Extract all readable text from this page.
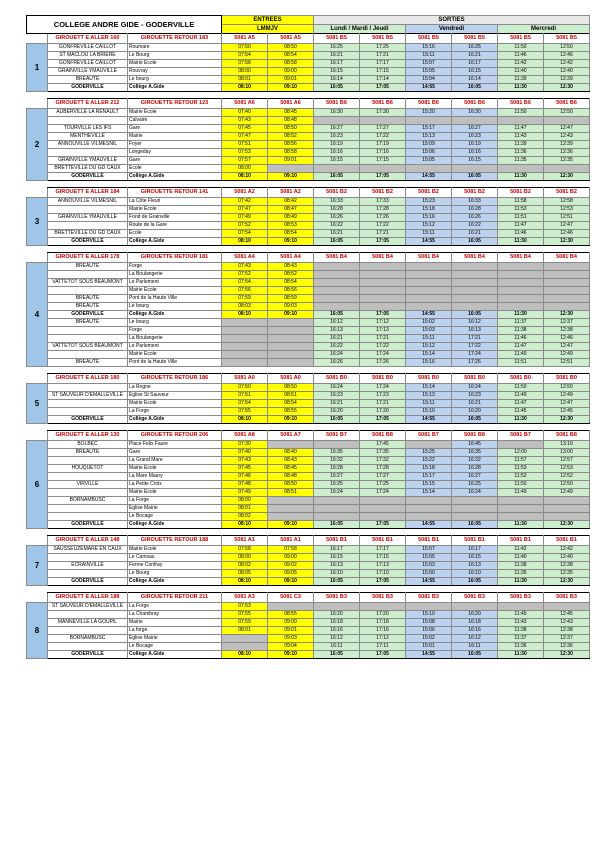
COLLEGE ANDRE GIDE - GODERVILLE	ENTREES	SORTIES		
	LMMJV	Lundi / Mardi / Jeudi	Vendredi	Mercredi
	GIROUETT E ALLER 160	GIROUETTE RETOUR 183	5081 A5	5081 A5	5081 B5	5081 B5	5081 B5	5081 B5	5081 B5	5081 B5
1	GONFREVILLE CAILLOT	Roumare	07:50	08:50	16:25	17:25	15:16	16:25	11:50	12:50
	ST MACLOU LA BRIERE	Le Bourg	07:54	08:54	16:21	17:21	15:11	16:21	11:46	12:46
	GONFREVILLE CAILLOT	Mairie Ecole	07:58	08:58	16:17	17:17	15:07	16:17	11:42	12:42
	GRAINVILLE YMAUVILLE	Rouvray	08:00	09:00	16:15	17:15	15:05	16:15	11:40	12:40
	BREAUTE	Le bourg	08:01	09:01	16:14	17:14	15:04	16:14	11:39	12:39
	GODERVILLE	Collège A.Gide	08:10	09:10	16:05	17:05	14:55	16:05	11:30	12:30

	GIROUETT E ALLER 212	GIROUETTE RETOUR 123	5081 A6	5081 A6	5081 B6	5081 B6	5081 B6	5081 B6	5081 B6	5081 B6
2	AUBERVILLE LA RENAULT	Mairie Ecole	07:40	08:45	16:30	17:30	15:20	16:30	11:50	12:50
		Calvaire	07:43	08:48						
	TOURVILLE LES IFS	Gare	07:45	08:50	16:27	17:27	15:17	16:27	11:47	12:47
	MENTHEVILLE	Mairie	07:47	08:52	16:23	17:22	15:13	16:23	11:43	12:43
	ANNOUVILLE VILMESNIL	Foyer	07:51	08:56	16:19	17:19	15:09	16:19	11:39	12:39
		Longeday	07:53	08:58	16:16	17:16	15:06	16:16	11:36	12:36
	GRAINVILLE YMAUVILLE	Gare	07:57	09:01	16:15	17:15	15:05	16:15	11:35	12:35
	BRETTEVILLE DU GD CAUX	Ecole	08:00							
	GODERVILLE	Collège A.Gide	08:10	09:10	16:05	17:05	14:55	16:05	11:30	12:30

	GIROUETT E ALLER 184	GIROUETTE RETOUR 141	5081 A2	5081 A2	5081 B2	5081 B2	5081 B2	5081 B2	5081 B2	5081 B2
3	ANNOUVILLE VILMESNIL	La Côte Fleuri	07:42	08:42	16:33	17:33	15:23	16:33	11:58	12:58
		Mairie Ecole	07:47	08:47	16:28	17:28	15:18	16:28	11:53	12:53
	GRAINVILLE YMAUVILLE	Fond de Grainville	07:49	08:49	16:26	17:26	15:16	16:26	11:51	12:51
		Route de la Gare	07:52	08:53	16:22	17:22	15:12	16:22	11:47	12:47
	BRETTEVILLE DU GD CAUX	Ecole	07:54	08:54	16:21	17:21	15:11	16:21	11:46	12:46
	GODERVILLE	Collège A.Gide	08:10	09:10	16:05	17:05	14:55	16:05	11:30	12:30

	GIROUETT E ALLER 178	GIROUETTE RETOUR 181	5081 A4	5081 A4	5081 B4	5081 B4	5081 B4	5081 B4	5081 B4	5081 B4
4	BREAUTE	Forge	07:43	08:43						
		La Boulangerie	07:52	08:52						
	VATTETOT SOUS BEAUMONT	Le Parlement	07:54	08:54						
		Mairie Ecole	07:56	08:56						
	BREAUTE	Pont de la Haute Ville	07:59	08:59						
	BREAUTE	Le bourg	08:03	09:03						
	GODERVILLE	Collège A.Gide	08:10	09:10	16:05	17:05	14:55	16:05	11:30	12:30
	BREAUTE	Le bourg			16:12	17:12	15:02	16:12	11:37	12:37
		Forge			16:13	17:13	15:03	16:13	11:38	12:38
		La Boulangerie			16:21	17:21	15:11	17:21	11:46	12:46
	VATTETOT SOUS BEAUMONT	Le Parlement			16:22	17:22	15:12	17:22	11:47	12:47
		Mairie Ecole			16:24	17:24	15:14	17:24	11:49	12:49
	BREAUTE	Pont de la Haute Ville			16:26	17:26	15:16	17:26	11:51	12:51

	GIROUETT E ALLER 180	GIROUETTE RETOUR 186	5081 A0	5081 A0	5081 B0	5081 B0	5081 B0	5081 B0	5081 B0	5081 B0
5		La Rogne	07:50	08:50	16:24	17:24	15:14	16:24	11:50	12:50
	ST SAUVEUR D'EMALLEVILLE	Eglise St Sauveur	07:51	08:51	16:23	17:23	15:13	16:23	11:49	12:49
		Mairie Ecole	07:54	08:54	16:21	17:21	15:11	16:21	11:47	12:47
		La Forge	07:55	08:55	16:20	17:20	15:10	16:20	11:45	12:45
	GODERVILLE	Collège A.Gide	08:10	09:10	16:05	17:05	14:55	16:05	11:30	12:30

	GIROUETT E ALLER 130	GIROUETTE RETOUR 206	5081 A8	5081 A7	5081 B7	5081 B8	5081 B7	5081 B8	5081 B7	5081 B8
6	BOLBEC	Place Felix Faure	07:30			17:45		16:45		13:10
	BREAUTE	Gare	07:40	08:40	16:35	17:35	15:25	16:35	12:00	13:00
		La Grand Mare	07:43	08:43	16:32	17:32	15:22	16:32	11:57	12:57
	HOUQUETOT	Mairie Ecole	07:45	08:45	16:28	17:28	15:18	16:28	11:53	12:53
		La Mare Maury	07:46	08:48	16:27	17:27	15:17	16:27	11:52	12:52
	VIRVILLE	La Petite Croix	07:48	08:50	16:25	17:25	15:15	16:25	11:50	12:50
		Mairie Ecole	07:49	08:51	16:24	17:24	15:14	16:24	11:49	12:49
	BORNAMBUSC	La Forge	08:00							
		Eglise Mairie	08:01							
		Le Bocage	08:02							
	GODERVILLE	Collège A.Gide	08:10	09:10	16:05	17:05	14:55	16:05	11:30	12:30

	GIROUETT E ALLER 148	GIROUETTE RETOUR 188	5081 A1	5081 A1	5081 B1	5081 B1	5081 B1	5081 B1	5081 B1	5081 B1
7	SAUSSEUZEMARE EN CAUX	Mairie Ecole	07:58	07:58	16:17	17:17	15:07	16:17	11:42	12:42
		Le Camsau	08:00	09:00	16:15	17:15	15:05	16:15	11:40	12:40
	ECRAINVILLE	Ferme Confray	08:02	09:02	16:13	17:13	15:03	16:13	11:38	12:38
		Le Bourg	08:05	09:05	16:10	17:10	15:00	16:10	11:35	12:35
	GODERVILLE	Collège A.Gide	08:10	09:10	16:05	17:05	14:55	16:05	11:30	12:30

	GIROUETT E ALLER 188	GIROUETTE RETOUR 211	5081 A3	5081 C3	5081 B3	5081 B3	5081 B3	5081 B3	5081 B3	5081 B3
8	ST SAUVEUR D'EMALLEVILLE	La Forge	07:53							
		La Chambray	07:55	08:55	16:20	17:20	15:10	16:20	11:45	12:45
	MANNEVILLE LA GOUPIL	Mairie	07:59	09:00	16:18	17:18	15:08	16:18	11:43	12:43
		La forge	08:01	09:01	16:16	17:16	15:06	16:16	11:38	12:38
	BORNAMBUSC	Eglise Mairie		09:03	16:12	17:12	15:02	16:12	11:37	12:37
		Le Bocage		09:04	16:11	17:11	15:01	16:11	11:36	12:36
	GODERVILLE	Collège A.Gide	08:10	09:10	16:05	17:05	14:55	16:05	11:30	12:30
